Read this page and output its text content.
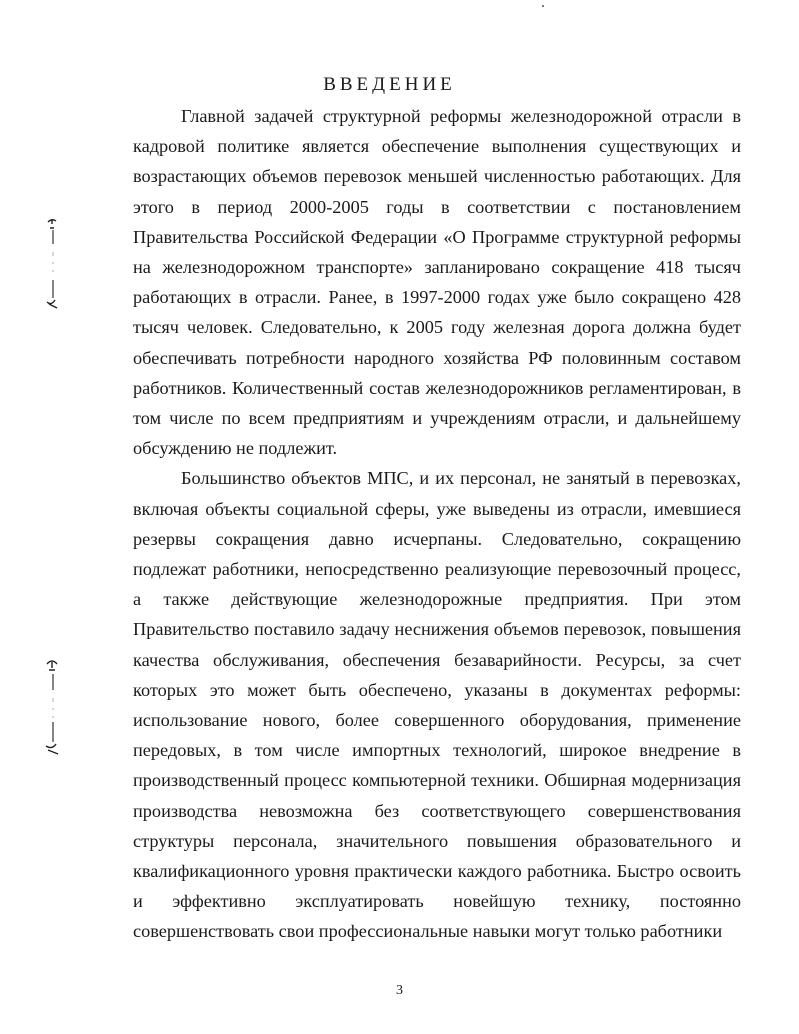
ВВЕДЕНИЕ

Главной задачей структурной реформы железнодорожной отрасли в кадровой политике является обеспечение выполнения существующих и возрастающих объемов перевозок меньшей численностью работающих. Для этого в период 2000-2005 годы в соответствии с постановлением Правительства Российской Федерации «О Программе структурной реформы на железнодорожном транспорте» запланировано сокращение 418 тысяч работающих в отрасли. Ранее, в 1997-2000 годах уже было сокращено 428 тысяч человек. Следовательно, к 2005 году железная дорога должна будет обеспечивать потребности народного хозяйства РФ половинным составом работников. Количественный состав железнодорожников регламентирован, в том числе по всем предприятиям и учреждениям отрасли, и дальнейшему обсуждению не подлежит.

Большинство объектов МПС, и их персонал, не занятый в перевозках, включая объекты социальной сферы, уже выведены из отрасли, имевшиеся резервы сокращения давно исчерпаны. Следовательно, сокращению подлежат работники, непосредственно реализующие перевозочный процесс, а также действующие железнодорожные предприятия. При этом Правительство поставило задачу неснижения объемов перевозок, повышения качества обслуживания, обеспечения безаварийности. Ресурсы, за счет которых это может быть обеспечено, указаны в документах реформы: использование нового, более совершенного оборудования, применение передовых, в том числе импортных технологий, широкое внедрение в производственный процесс компьютерной техники. Обширная модернизация производства невозможна без соответствующего совершенствования структуры персонала, значительного повышения образовательного и квалификационного уровня практически каждого работника. Быстро освоить и эффективно эксплуатировать новейшую технику, постоянно совершенствовать свои профессиональные навыки могут только работники

3
